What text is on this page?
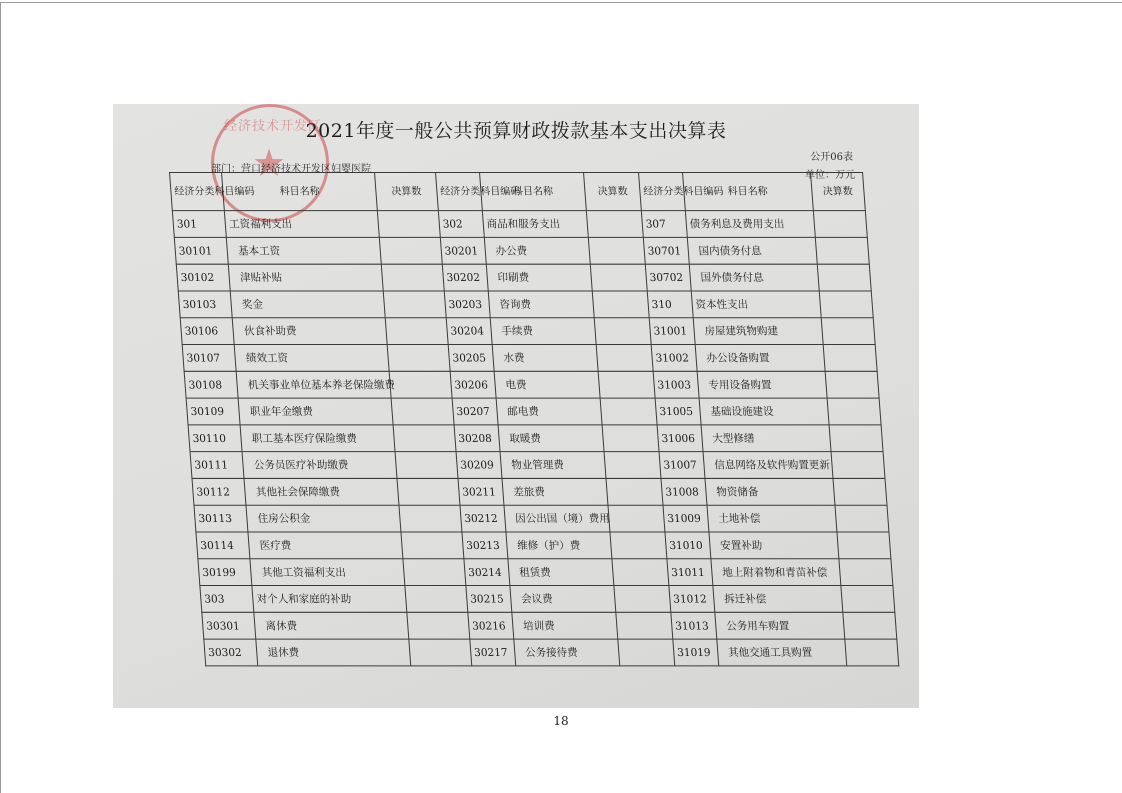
经济技术开发区
★
2021年度一般公共预算财政拨款基本支出决算表
公开06表
部门：营口经济技术开发区妇婴医院
单位：万元
经济分类科目编码	科目名称	决算数	经济分类科目编码	科目名称	决算数	经济分类科目编码	科目名称	决算数
301	工资福利支出		302	商品和服务支出		307	债务利息及费用支出	
30101	基本工资		30201	办公费		30701	国内债务付息	
30102	津贴补贴		30202	印刷费		30702	国外债务付息	
30103	奖金		30203	咨询费		310	资本性支出	
30106	伙食补助费		30204	手续费		31001	房屋建筑物购建	
30107	绩效工资		30205	水费		31002	办公设备购置	
30108	机关事业单位基本养老保险缴费		30206	电费		31003	专用设备购置	
30109	职业年金缴费		30207	邮电费		31005	基础设施建设	
30110	职工基本医疗保险缴费		30208	取暖费		31006	大型修缮	
30111	公务员医疗补助缴费		30209	物业管理费		31007	信息网络及软件购置更新	
30112	其他社会保障缴费		30211	差旅费		31008	物资储备	
30113	住房公积金		30212	因公出国（境）费用		31009	土地补偿	
30114	医疗费		30213	维修（护）费		31010	安置补助	
30199	其他工资福利支出		30214	租赁费		31011	地上附着物和青苗补偿	
303	对个人和家庭的补助		30215	会议费		31012	拆迁补偿	
30301	离休费		30216	培训费		31013	公务用车购置	
30302	退休费		30217	公务接待费		31019	其他交通工具购置	
18
